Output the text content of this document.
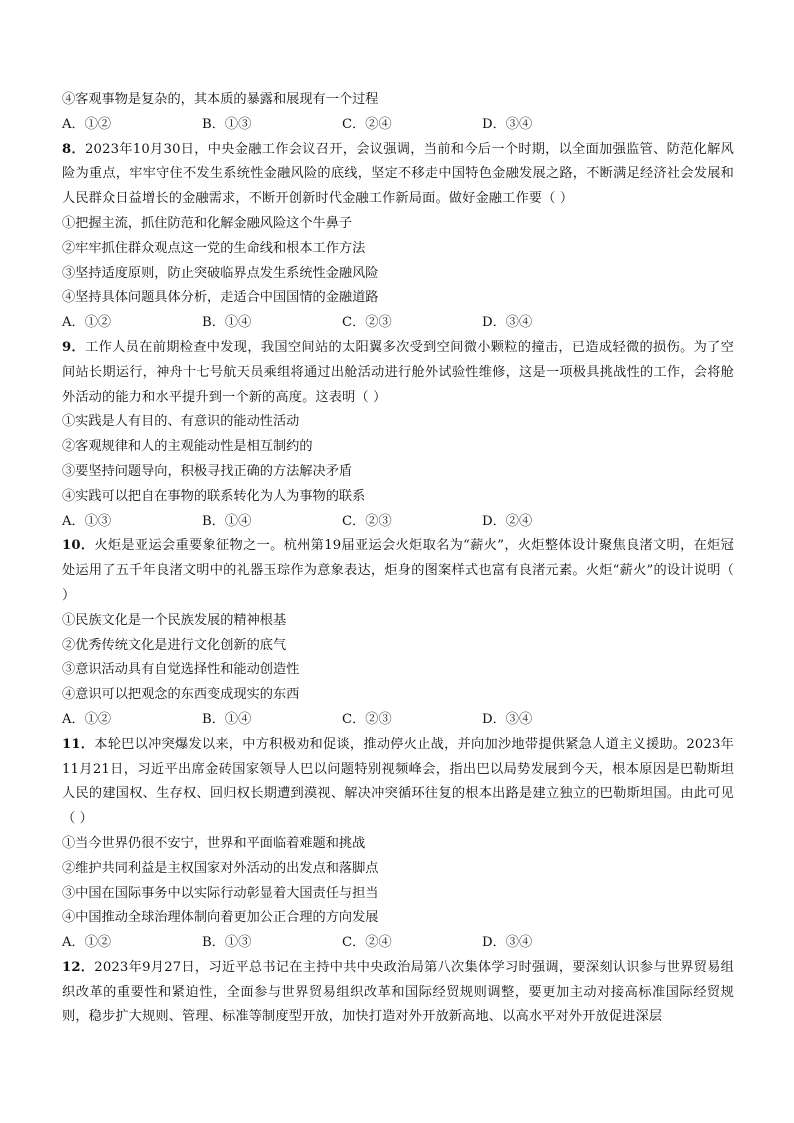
④客观事物是复杂的，其本质的暴露和展现有一个过程
A．①②	B．①③	C．②④	D．③④
8．2023年10月30日，中央金融工作会议召开，会议强调，当前和今后一个时期，以全面加强监管、防范化解风险为重点，牢牢守住不发生系统性金融风险的底线，坚定不移走中国特色金融发展之路，不断满足经济社会发展和人民群众日益增长的金融需求，不断开创新时代金融工作新局面。做好金融工作要（ ）
①把握主流，抓住防范和化解金融风险这个牛鼻子
②牢牢抓住群众观点这一党的生命线和根本工作方法
③坚持适度原则，防止突破临界点发生系统性金融风险
④坚持具体问题具体分析，走适合中国国情的金融道路
A．①②	B．①④	C．②③	D．③④
9．工作人员在前期检查中发现，我国空间站的太阳翼多次受到空间微小颗粒的撞击，已造成轻微的损伤。为了空间站长期运行，神舟十七号航天员乘组将通过出舱活动进行舱外试验性维修，这是一项极具挑战性的工作，会将舱外活动的能力和水平提升到一个新的高度。这表明（ ）
①实践是人有目的、有意识的能动性活动
②客观规律和人的主观能动性是相互制约的
③要坚持问题导向，积极寻找正确的方法解决矛盾
④实践可以把自在事物的联系转化为人为事物的联系
A．①③	B．①④	C．②③	D．②④
10．火炬是亚运会重要象征物之一。杭州第19届亚运会火炬取名为“薪火”，火炬整体设计聚焦良渚文明，在炬冠处运用了五千年良渚文明中的礼器玉琮作为意象表达，炬身的图案样式也富有良渚元素。火炬“薪火”的设计说明（ ）
①民族文化是一个民族发展的精神根基
②优秀传统文化是进行文化创新的底气
③意识活动具有自觉选择性和能动创造性
④意识可以把观念的东西变成现实的东西
A．①②	B．①④	C．②③	D．③④
11．本轮巴以冲突爆发以来，中方积极劝和促谈，推动停火止战，并向加沙地带提供紧急人道主义援助。2023年11月21日，习近平出席金砖国家领导人巴以问题特别视频峰会，指出巴以局势发展到今天，根本原因是巴勒斯坦人民的建国权、生存权、回归权长期遭到漠视、解决冲突循环往复的根本出路是建立独立的巴勒斯坦国。由此可见（ ）
①当今世界仍很不安宁，世界和平面临着难题和挑战
②维护共同利益是主权国家对外活动的出发点和落脚点
③中国在国际事务中以实际行动彰显着大国责任与担当
④中国推动全球治理体制向着更加公正合理的方向发展
A．①②	B．①③	C．②④	D．③④
12．2023年9月27日，习近平总书记在主持中共中央政治局第八次集体学习时强调，要深刻认识参与世界贸易组织改革的重要性和紧迫性，全面参与世界贸易组织改革和国际经贸规则调整，要更加主动对接高标准国际经贸规则，稳步扩大规则、管理、标准等制度型开放，加快打造对外开放新高地、以高水平对外开放促进深层
